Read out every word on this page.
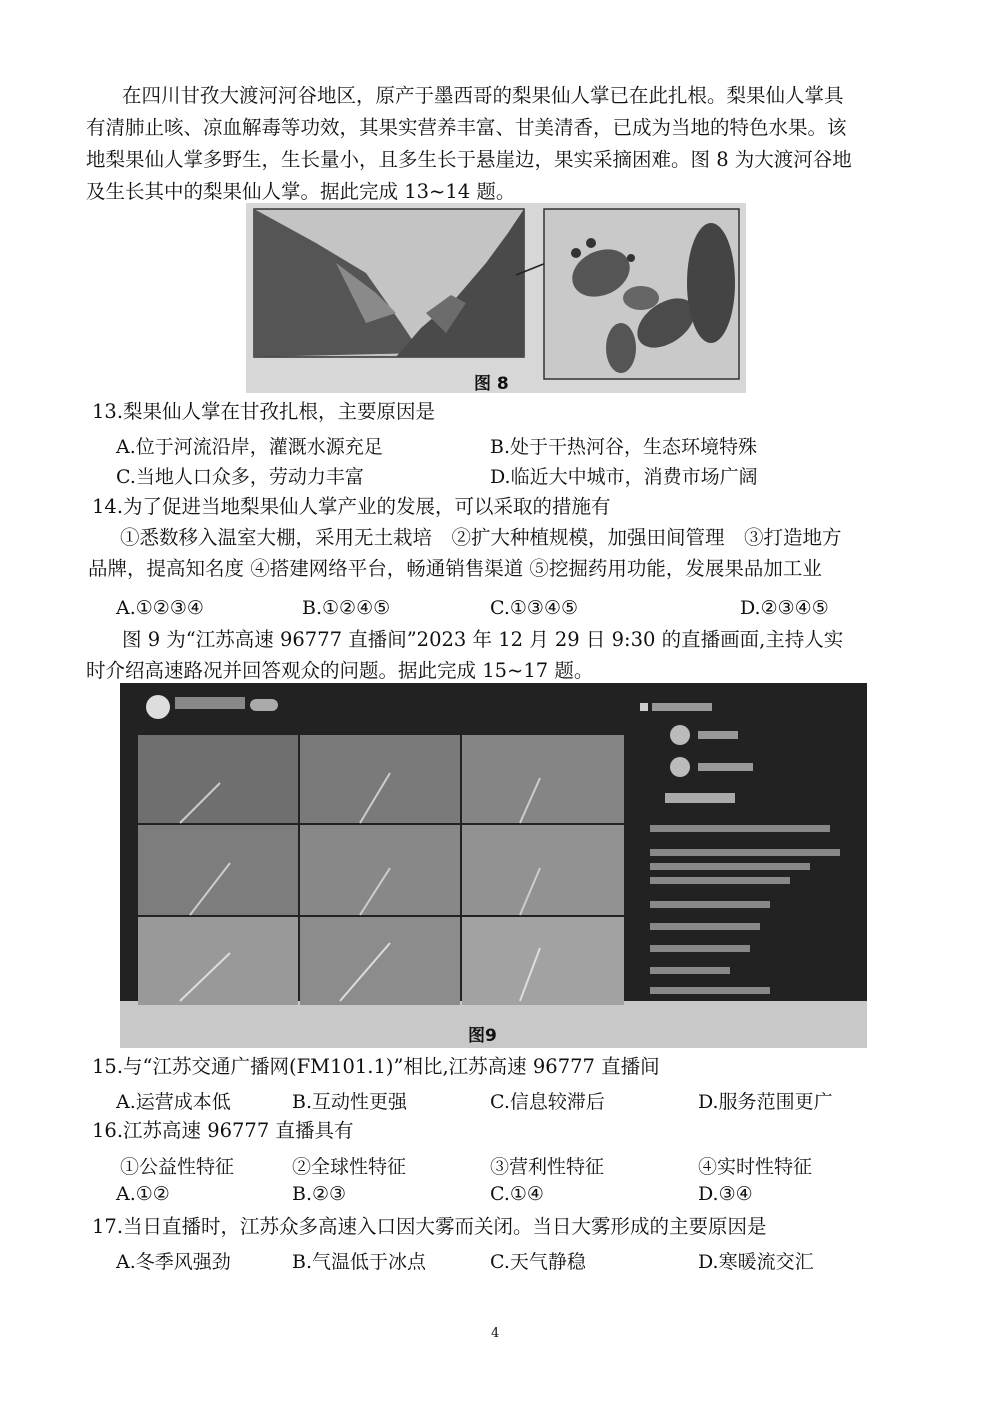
在四川甘孜大渡河河谷地区，原产于墨西哥的梨果仙人掌已在此扎根。梨果仙人掌具
有清肺止咳、凉血解毒等功效，其果实营养丰富、甘美清香，已成为当地的特色水果。该
地梨果仙人掌多野生，生长量小，且多生长于悬崖边，果实采摘困难。图 8 为大渡河谷地
及生长其中的梨果仙人掌。据此完成 13~14 题。
图 8
13.梨果仙人掌在甘孜扎根，主要原因是
A.位于河流沿岸，灌溉水源充足	B.处于干热河谷，生态环境特殊
C.当地人口众多，劳动力丰富	D.临近大中城市，消费市场广阔
14.为了促进当地梨果仙人掌产业的发展，可以采取的措施有
①悉数移入温室大棚，采用无土栽培　②扩大种植规模，加强田间管理　③打造地方
品牌，提高知名度 ④搭建网络平台，畅通销售渠道 ⑤挖掘药用功能，发展果品加工业
A.①②③④	B.①②④⑤	C.①③④⑤	D.②③④⑤
图 9 为“江苏高速 96777 直播间”2023 年 12 月 29 日 9:30 的直播画面,主持人实
时介绍高速路况并回答观众的问题。据此完成 15~17 题。
图9
15.与“江苏交通广播网(FM101.1)”相比,江苏高速 96777 直播间
A.运营成本低	B.互动性更强	C.信息较滞后	D.服务范围更广
16.江苏高速 96777 直播具有
①公益性特征	②全球性特征	③营利性特征	④实时性特征
A.①②	B.②③	C.①④	D.③④
17.当日直播时，江苏众多高速入口因大雾而关闭。当日大雾形成的主要原因是
A.冬季风强劲	B.气温低于冰点	C.天气静稳	D.寒暖流交汇
4
